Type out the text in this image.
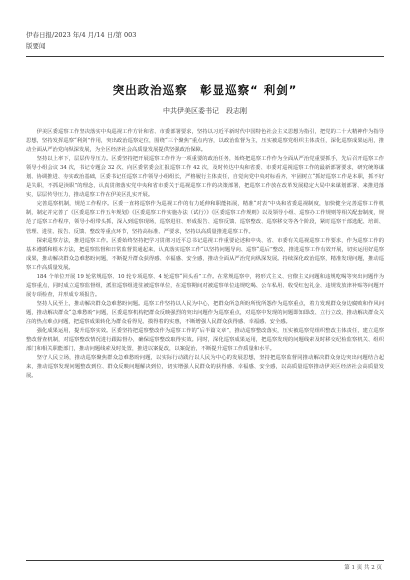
伊春日报/2023 年/4 月/14 日/第 003
版要闻
突出政治巡察　彰显巡察“ 利剑”
中共伊美区委书记　段志刚

伊美区委巡察工作坚决落实中央巡视工作方针和省、市委部署要求，坚持以习近平新时代中国特色社会主义思想为指引，把党的二十大精神作为指导思想，坚持发挥巡察“利剑”作用，突出政治巡察定位，围绕“三个聚焦”重点内容，以政治监督为主，压实被巡察党组织主体责任，深化巡察成果运用，推动全面从严治党向纵深发展，为全区经济社会高质量发展提供坚强政治保障。

坚持以上率下，层层传导压力。区委坚持把开展巡察工作作为一项重要的政治任务，始终把巡察工作作为全面从严治党重要抓手，先后召开巡察工作领导小组会议 34 次，书记专题会 32 次、向区委常委会汇报巡察工作 42 次，及时传达中央和省委、市委对巡视巡察工作的最新部署要求，研究统筹谋划、协调推进、夯实政治基础，区委书记任巡察工作领导小组组长，严格履行主体责任，自觉向党中央对标看齐，牢固树立“抓好巡察工作是本职，抓不好是失职，不抓是渎职”的理念，认真贯彻落实党中央和省市委关于巡视巡察工作的决策部署，把巡察工作放在改革发展稳定大局中来谋划部署、来推进落实，层层传导压力，推动巡察工作在伊美区扎实开展。

完善巡察机制，规范工作程序。区委一直将巡察作为巡视工作的有力延伸和职能拓展，精准“对表”中央和省委巡视制度，加快健全完善巡察工作机制，制定并完善了《区委巡察工作五年规划》《区委巡察工作实施办法（试行）》《区委巡察工作规则》以及领导小组、巡察办工作规则等相关配套制度，规范了巡察工作程序，领导小组带头抓，深入到巡察现场，巡察进驻、形成报告、巡察反馈、巡察整改、巡察移交等各个阶段，紧盯巡察干部选配、培训、管理、进驻、报告、反馈、整改等重点环节，坚持高标准、严要求，坚持以高质量推进巡察工作。

探索巡察方法，推进巡察工作。区委始终坚持把学习贯彻习近平总书记巡视工作重要论述和中央、省、市委有关巡视巡察工作要求，作为巡察工作的基本遵循和根本方法，把巡察监督和日常监督贯通起来，认真落实巡察工作“以坚持问题导向、巡察“巡后”整改，推进巡察工作有效开展，切实运用好巡察成果，推动解决群众急难愁盼问题，不断提升群众获得感、幸福感、安全感，推动全面从严治党向纵深发展。持续深化政治巡察，精准发现问题，推动巡察工作高质量发展。

184 个单位开展 19 轮常规巡察、10 轮专项巡察、4 轮巡察“回头看”工作。在常规巡察中，将形式主义、官僚主义问题和违规吃喝等突出问题作为巡察重点，同时成立巡察监督组，派驻巡察组进驻被巡察单位，在巡察期间对被巡察单位违规吃喝、公车私用、收受红包礼金、违规发放津补贴等问题开展专项检查，并形成专项报告。

坚持人民至上，推动解决群众急难愁盼问题。巡察工作坚持以人民为中心，把群众所急所盼所忧所怨作为巡察重点，着力发现群众身边腐败和作风问题，推动解决群众“急难愁盼”问题，区委巡察机构把群众反映强烈的突出问题作为巡察重点，对巡察中发现的问题即知即改、立行立改，推动解决群众关注的热点难点问题，把巡察成果转化为群众看得见、摸得着的实惠，不断增强人民群众获得感、幸福感、安全感。

强化成果运用，提升巡察实效。区委坚持把巡察整改作为巡察工作的“后半篇文章”，推动巡察整改落实，压实被巡察党组织整改主体责任，建立巡察整改督查机制，对巡察整改情况进行跟踪督办，确保巡察整改取得实效。同时，深化巡察成果运用，把巡察发现的问题线索及时移交纪检监察机关、组织部门和相关职能部门，推动问题线索及时处置，推进以案促改，以案促治，不断提升巡察工作质量和水平。

坚守人民立场，推动巡察聚焦群众急难愁盼问题，以实际行动践行以人民为中心的发展思想，坚持把巡察监督同推动解决群众身边突出问题结合起来，推动巡察发现问题整改到位、群众反映问题解决到位，切实增强人民群众的获得感、幸福感、安全感，以高质量巡察推动伊美区经济社会高质量发展。

第 1 页 共 2 页
